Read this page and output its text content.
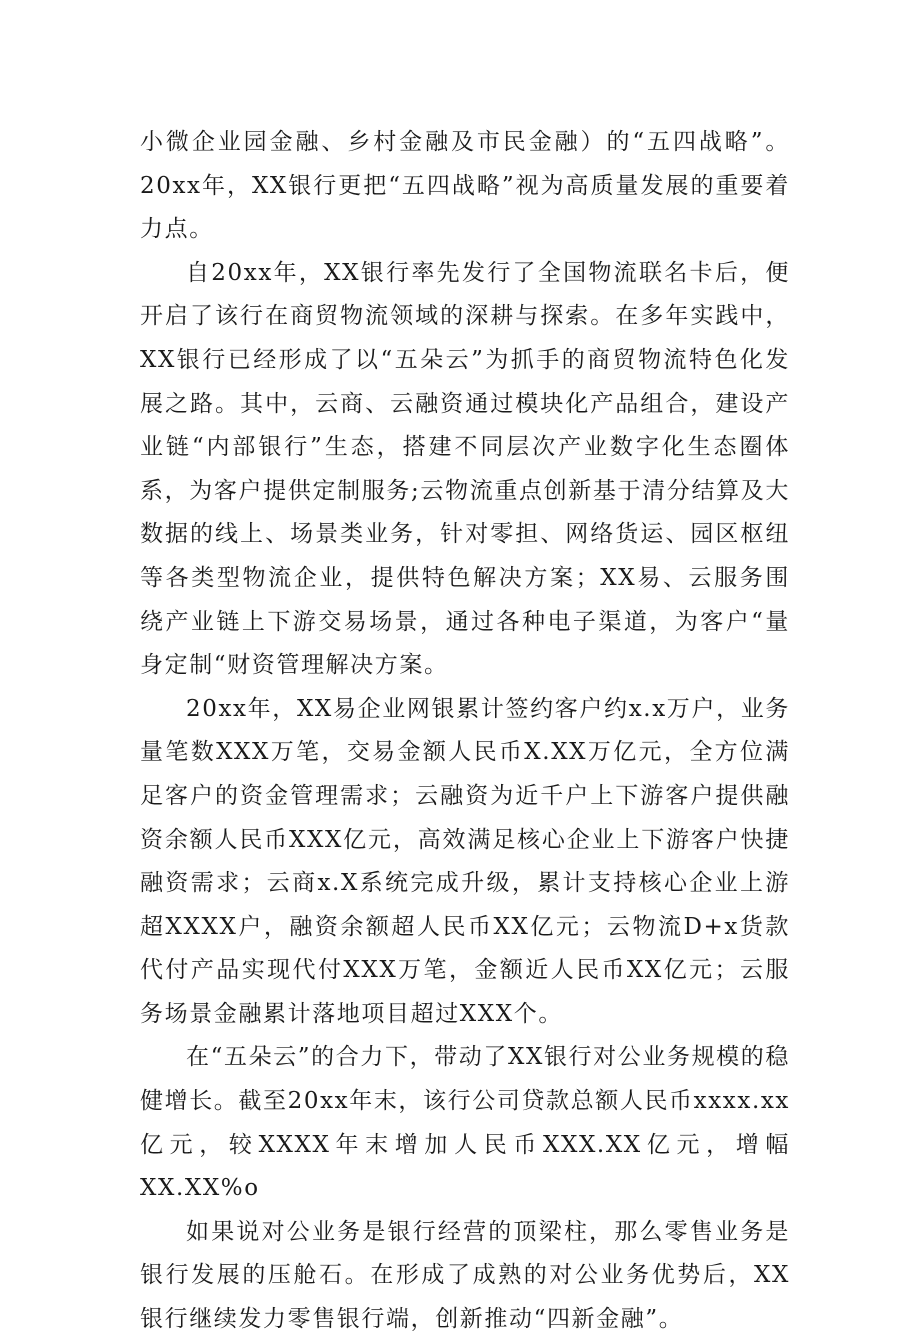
小微企业园金融、乡村金融及市民金融）的“五四战略”。20xx年，XX银行更把“五四战略”视为高质量发展的重要着力点。

自20xx年，XX银行率先发行了全国物流联名卡后，便开启了该行在商贸物流领域的深耕与探索。在多年实践中，XX银行已经形成了以“五朵云”为抓手的商贸物流特色化发展之路。其中，云商、云融资通过模块化产品组合，建设产业链“内部银行”生态，搭建不同层次产业数字化生态圈体系，为客户提供定制服务;云物流重点创新基于清分结算及大数据的线上、场景类业务，针对零担、网络货运、园区枢纽等各类型物流企业，提供特色解决方案；XX易、云服务围绕产业链上下游交易场景，通过各种电子渠道，为客户“量身定制“财资管理解决方案。

20xx年，XX易企业网银累计签约客户约x.x万户，业务量笔数XXX万笔，交易金额人民币X.XX万亿元，全方位满足客户的资金管理需求；云融资为近千户上下游客户提供融资余额人民币XXX亿元，高效满足核心企业上下游客户快捷融资需求；云商x.X系统完成升级，累计支持核心企业上游超XXXX户，融资余额超人民币XX亿元；云物流D+x货款代付产品实现代付XXX万笔，金额近人民币XX亿元；云服务场景金融累计落地项目超过XXX个。

在“五朵云”的合力下，带动了XX银行对公业务规模的稳健增长。截至20xx年末，该行公司贷款总额人民币xxxx.xx亿元，较XXXX年末增加人民币XXX.XX亿元，增幅XX.XX%o

如果说对公业务是银行经营的顶梁柱，那么零售业务是银行发展的压舱石。在形成了成熟的对公业务优势后，XX银行继续发力零售银行端，创新推动“四新金融”。
